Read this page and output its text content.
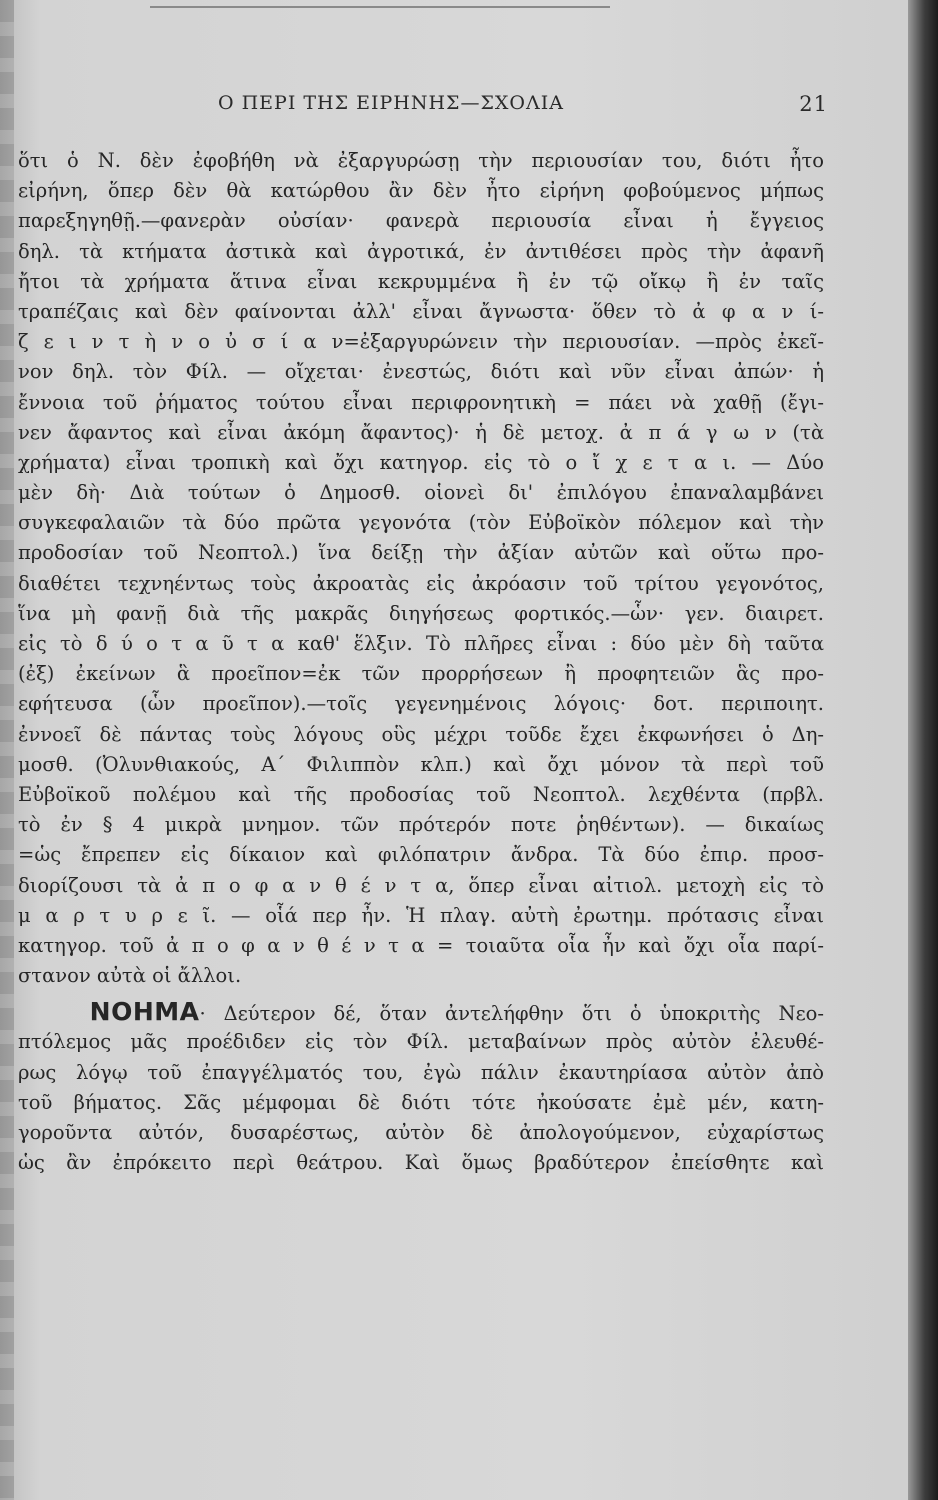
Ο ΠΕΡΙ ΤΗΣ ΕΙΡΗΝΗΣ—ΣΧΟΛΙΑ	21
ὅτι ὁ Ν. δὲν ἐφοβήθη νὰ ἐξαργυρώσῃ τὴν περιουσίαν του, διότι ἦτο
εἰρήνη, ὅπερ δὲν θὰ κατώρθου ἂν δὲν ἦτο εἰρήνη φοβούμενος μήπως
παρεξηγηθῇ.—φανερὰν οὐσίαν· φανερὰ περιουσία εἶναι ἡ ἔγγειος
δηλ. τὰ κτήματα ἀστικὰ καὶ ἀγροτικά, ἐν ἀντιθέσει πρὸς τὴν ἀφανῆ
ἤτοι τὰ χρήματα ἅτινα εἶναι κεκρυμμένα ἢ ἐν τῷ οἴκῳ ἢ ἐν ταῖς
τραπέζαις καὶ δὲν φαίνονται ἀλλ' εἶναι ἄγνωστα· ὅθεν τὸ ἀ φ α ν ί-
ζ ε ι ν τ ὴ ν ο ὐ σ ί α ν=ἐξαργυρώνειν τὴν περιουσίαν. —πρὸς ἐκεῖ-
νον δηλ. τὸν Φίλ. — οἴχεται· ἐνεστώς, διότι καὶ νῦν εἶναι ἀπών· ἡ
ἔννοια τοῦ ῥήματος τούτου εἶναι περιφρονητικὴ = πάει νὰ χαθῇ (ἔγι-
νεν ἄφαντος καὶ εἶναι ἀκόμη ἄφαντος)· ἡ δὲ μετοχ. ἀ π ά γ ω ν (τὰ
χρήματα) εἶναι τροπικὴ καὶ ὄχι κατηγορ. εἰς τὸ ο ἴ χ ε τ α ι. — Δύο
μὲν δὴ· Διὰ τούτων ὁ Δημοσθ. οἱονεὶ δι' ἐπιλόγου ἐπαναλαμβάνει
συγκεφαλαιῶν τὰ δύο πρῶτα γεγονότα (τὸν Εὐβοϊκὸν πόλεμον καὶ τὴν
προδοσίαν τοῦ Νεοπτολ.) ἵνα δείξῃ τὴν ἀξίαν αὐτῶν καὶ οὕτω προ-
διαθέτει τεχνηέντως τοὺς ἀκροατὰς εἰς ἀκρόασιν τοῦ τρίτου γεγονότος,
ἵνα μὴ φανῇ διὰ τῆς μακρᾶς διηγήσεως φορτικός.—ὧν· γεν. διαιρετ.
εἰς τὸ δ ύ ο τ α ῦ τ α καθ' ἕλξιν. Τὸ πλῆρες εἶναι : δύο μὲν δὴ ταῦτα
(ἐξ) ἐκείνων ἃ προεῖπον=ἐκ τῶν προρρήσεων ἢ προφητειῶν ἃς προ-
εφήτευσα (ὧν προεῖπον).—τοῖς γεγενημένοις λόγοις· δοτ. περιποιητ.
ἐννοεῖ δὲ πάντας τοὺς λόγους οὓς μέχρι τοῦδε ἔχει ἐκφωνήσει ὁ Δη-
μοσθ. (Ὀλυνθιακούς, Α΄ Φιλιππὸν κλπ.) καὶ ὄχι μόνον τὰ περὶ τοῦ
Εὐβοϊκοῦ πολέμου καὶ τῆς προδοσίας τοῦ Νεοπτολ. λεχθέντα (πρβλ.
τὸ ἐν § 4 μικρὰ μνημον. τῶν πρότερόν ποτε ῥηθέντων). — δικαίως
=ὡς ἔπρεπεν εἰς δίκαιον καὶ φιλόπατριν ἄνδρα. Τὰ δύο ἐπιρ. προσ-
διορίζουσι τὰ ἀ π ο φ α ν θ έ ν τ α, ὅπερ εἶναι αἰτιολ. μετοχὴ εἰς τὸ
μ α ρ τ υ ρ ε ῖ. — οἷά περ ἦν. Ἡ πλαγ. αὐτὴ ἐρωτημ. πρότασις εἶναι
κατηγορ. τοῦ ἀ π ο φ α ν θ έ ν τ α = τοιαῦτα οἷα ἦν καὶ ὄχι οἷα παρί-
στανον αὐτὰ οἱ ἄλλοι.
ΝΟΗΜΑ· Δεύτερον δέ, ὅταν ἀντελήφθην ὅτι ὁ ὑποκριτὴς Νεο-
πτόλεμος μᾶς προέδιδεν εἰς τὸν Φίλ. μεταβαίνων πρὸς αὐτὸν ἐλευθέ-
ρως λόγῳ τοῦ ἐπαγγέλματός του, ἐγὼ πάλιν ἐκαυτηρίασα αὐτὸν ἀπὸ
τοῦ βήματος. Σᾶς μέμφομαι δὲ διότι τότε ἠκούσατε ἐμὲ μέν, κατη-
γοροῦντα αὐτόν, δυσαρέστως, αὐτὸν δὲ ἀπολογούμενον, εὐχαρίστως
ὡς ἂν ἐπρόκειτο περὶ θεάτρου. Καὶ ὅμως βραδύτερον ἐπείσθητε καὶ
